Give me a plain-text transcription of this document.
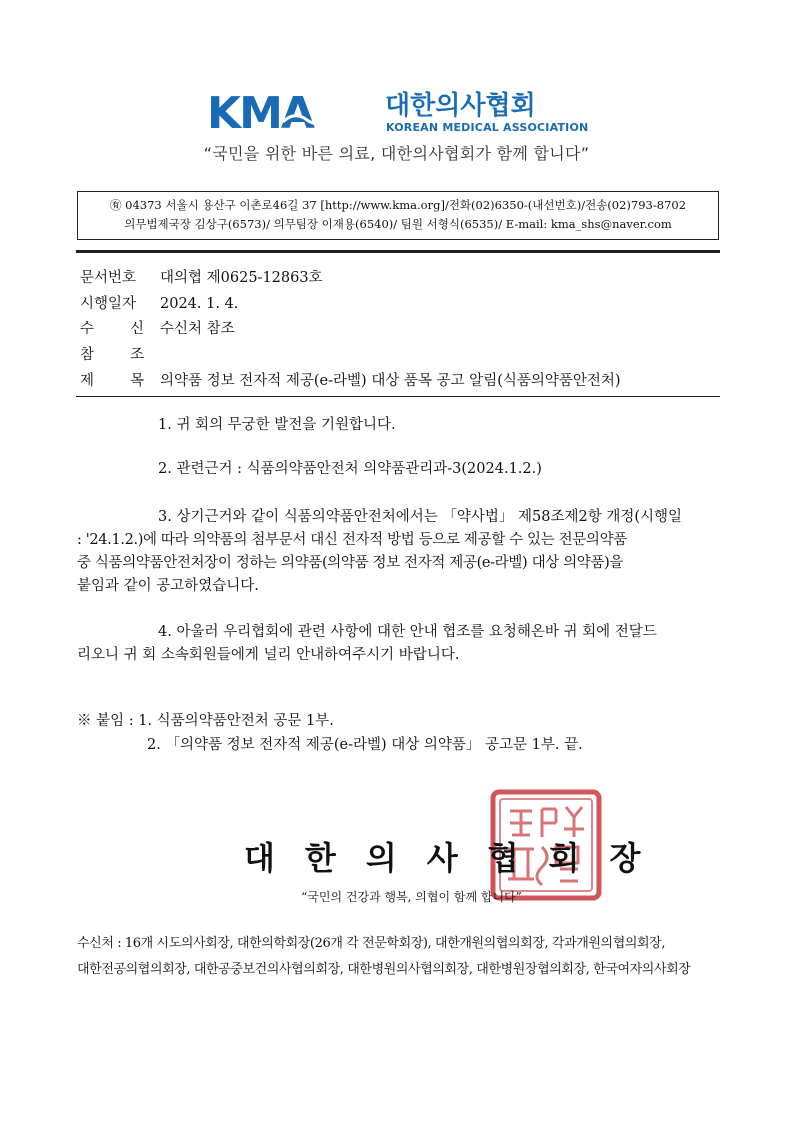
KMA	대한의사협회
KOREAN MEDICAL ASSOCIATION
“국민을 위한 바른 의료, 대한의사협회가 함께 합니다”
㊒ 04373 서울시 용산구 이촌로46길 37 [http://www.kma.org]/전화(02)6350-(내선번호)/전송(02)793-8702
의무법제국장 김상구(6573)/ 의무팀장 이재용(6540)/ 팀원 서형식(6535)/ E-mail: kma_shs@naver.com
문서번호	대의협 제0625-12863호
시행일자	2024. 1. 4.
수 신 수신처 참조
참 조
제 목 의약품 정보 전자적 제공(e-라벨) 대상 품목 공고 알림(식품의약품안전처)
1. 귀 회의 무궁한 발전을 기원합니다.
2. 관련근거 : 식품의약품안전처 의약품관리과-3(2024.1.2.)
3. 상기근거와 같이 식품의약품안전처에서는 「약사법」 제58조제2항 개정(시행일
: '24.1.2.)에 따라 의약품의 첨부문서 대신 전자적 방법 등으로 제공할 수 있는 전문의약품
중 식품의약품안전처장이 정하는 의약품(의약품 정보 전자적 제공(e-라벨) 대상 의약품)을
붙임과 같이 공고하였습니다.
4. 아울러 우리협회에 관련 사항에 대한 안내 협조를 요청해온바 귀 회에 전달드
리오니 귀 회 소속회원들에게 널리 안내하여주시기 바랍니다.
※ 붙임 : 1. 식품의약품안전처 공문 1부.
2. 「의약품 정보 전자적 제공(e-라벨) 대상 의약품」 공고문 1부. 끝.
대한의사협회장
“국민의 건강과 행복, 의협이 함께 합니다”
수신처 : 16개 시도의사회장, 대한의학회장(26개 각 전문학회장), 대한개원의협의회장, 각과개원의협의회장,
대한전공의협의회장, 대한공중보건의사협의회장, 대한병원의사협의회장, 대한병원장협의회장, 한국여자의사회장
